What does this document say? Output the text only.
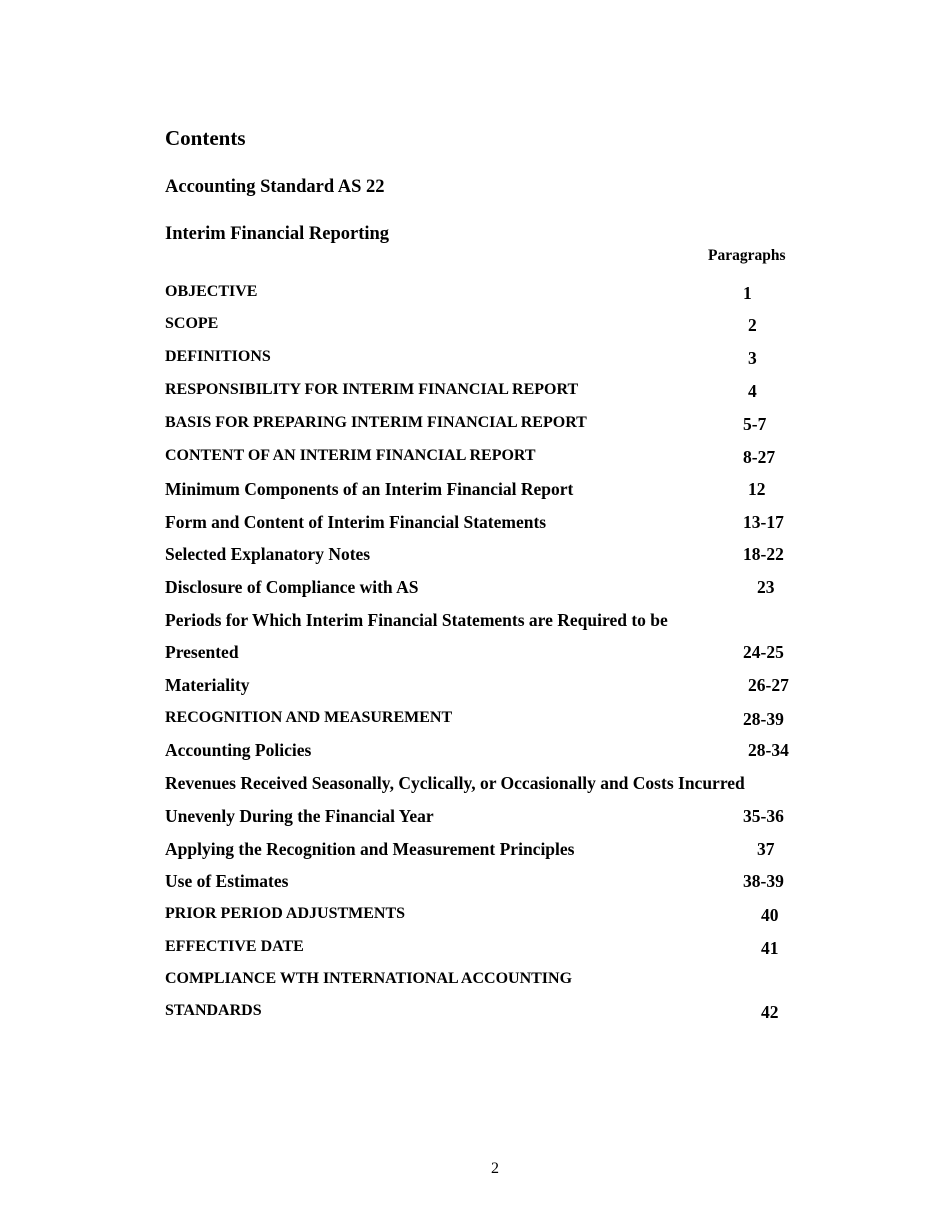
Contents
Accounting Standard AS 22
Interim Financial Reporting
Paragraphs
OBJECTIVE	1
SCOPE	2
DEFINITIONS	3
RESPONSIBILITY FOR INTERIM FINANCIAL REPORT	4
BASIS FOR PREPARING INTERIM FINANCIAL REPORT	5-7
CONTENT OF AN INTERIM FINANCIAL REPORT	8-27
Minimum Components of an Interim Financial Report	12
Form and Content of Interim Financial Statements	13-17
Selected Explanatory Notes	18-22
Disclosure of Compliance with AS	23
Periods for Which Interim Financial Statements are Required to be
Presented	24-25
Materiality	26-27
RECOGNITION AND MEASUREMENT	28-39
Accounting Policies	28-34
Revenues Received Seasonally, Cyclically, or Occasionally and Costs Incurred
Unevenly During the Financial Year	35-36
Applying the Recognition and Measurement Principles	37
Use of Estimates	38-39
PRIOR PERIOD ADJUSTMENTS	40
EFFECTIVE DATE	41
COMPLIANCE WTH INTERNATIONAL ACCOUNTING
STANDARDS	42
2
